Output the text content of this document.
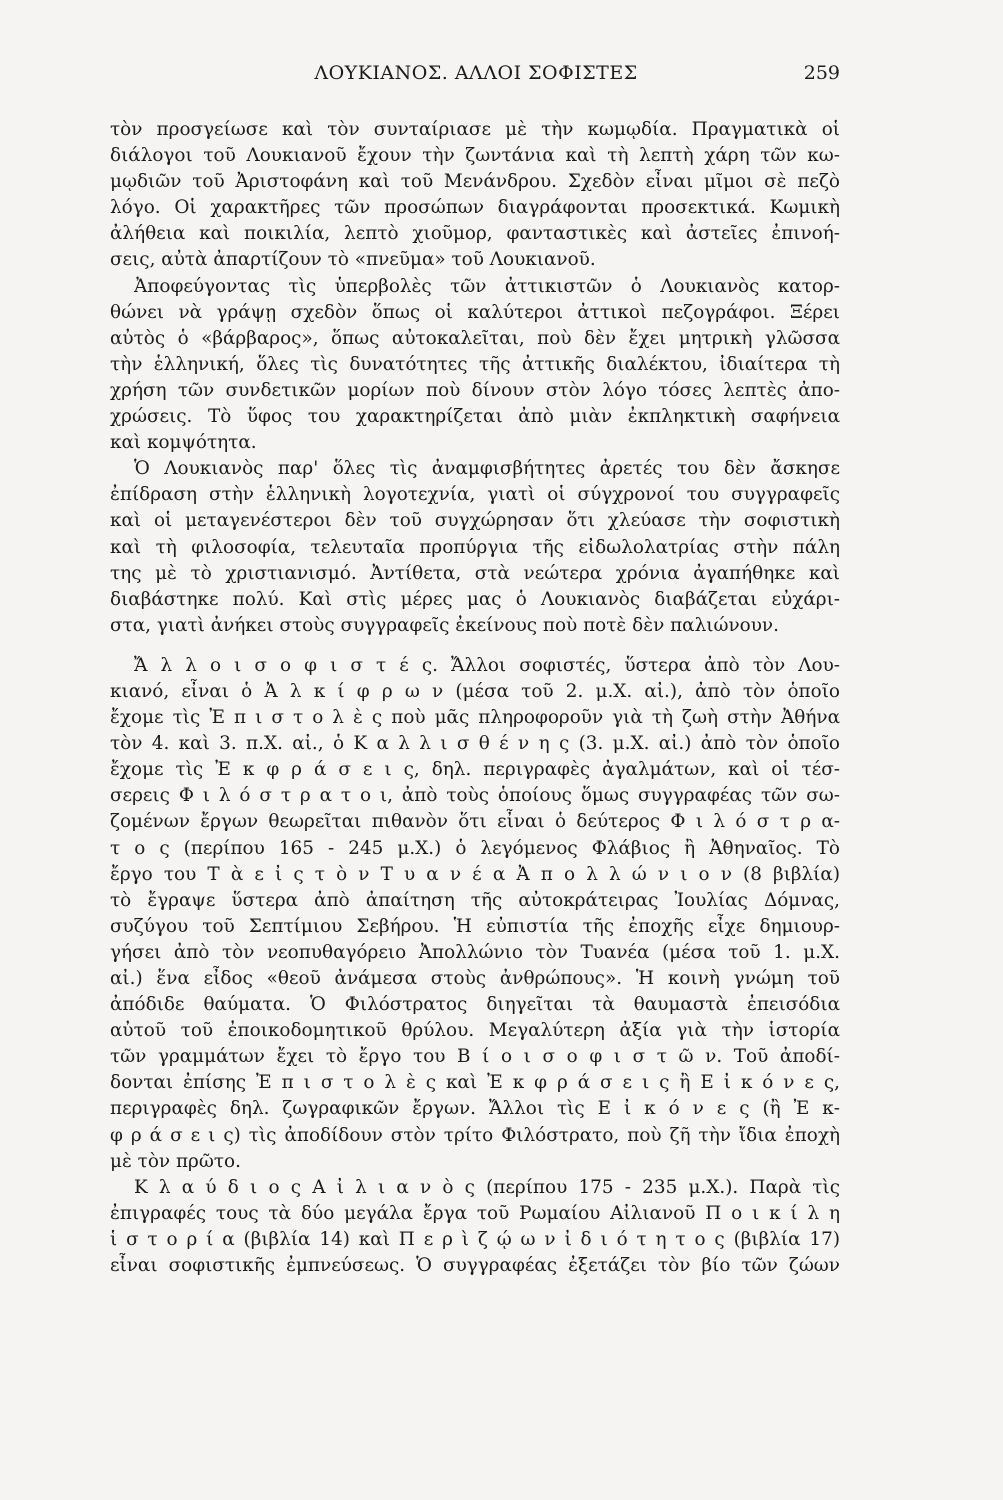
ΛΟΥΚΙΑΝΟΣ. ΑΛΛΟΙ ΣΟΦΙΣΤΕΣ	259
τὸν προσγείωσε καὶ τὸν συνταίριασε μὲ τὴν κωμῳδία. Πραγματικὰ οἱ
διάλογοι τοῦ Λουκιανοῦ ἔχουν τὴν ζωντάνια καὶ τὴ λεπτὴ χάρη τῶν κω-
μῳδιῶν τοῦ Ἀριστοφάνη καὶ τοῦ Μενάνδρου. Σχεδὸν εἶναι μῖμοι σὲ πεζὸ
λόγο. Οἱ χαρακτῆρες τῶν προσώπων διαγράφονται προσεκτικά. Κωμικὴ
ἀλήθεια καὶ ποικιλία, λεπτὸ χιοῦμορ, φανταστικὲς καὶ ἀστεῖες ἐπινοή-
σεις, αὐτὰ ἀπαρτίζουν τὸ «πνεῦμα» τοῦ Λουκιανοῦ.
Ἀποφεύγοντας τὶς ὑπερβολὲς τῶν ἀττικιστῶν ὁ Λουκιανὸς κατορ-
θώνει νὰ γράψῃ σχεδὸν ὅπως οἱ καλύτεροι ἀττικοὶ πεζογράφοι. Ξέρει
αὐτὸς ὁ «βάρβαρος», ὅπως αὐτοκαλεῖται, ποὺ δὲν ἔχει μητρικὴ γλῶσσα
τὴν ἑλληνική, ὅλες τὶς δυνατότητες τῆς ἀττικῆς διαλέκτου, ἰδιαίτερα τὴ
χρήση τῶν συνδετικῶν μορίων ποὺ δίνουν στὸν λόγο τόσες λεπτὲς ἀπο-
χρώσεις. Τὸ ὕφος του χαρακτηρίζεται ἀπὸ μιὰν ἐκπληκτικὴ σαφήνεια
καὶ κομψότητα.
Ὁ Λουκιανὸς παρ' ὅλες τὶς ἀναμφισβήτητες ἀρετές του δὲν ἄσκησε
ἐπίδραση στὴν ἑλληνικὴ λογοτεχνία, γιατὶ οἱ σύγχρονοί του συγγραφεῖς
καὶ οἱ μεταγενέστεροι δὲν τοῦ συγχώρησαν ὅτι χλεύασε τὴν σοφιστικὴ
καὶ τὴ φιλοσοφία, τελευταῖα προπύργια τῆς εἰδωλολατρίας στὴν πάλη
της μὲ τὸ χριστιανισμό. Ἀντίθετα, στὰ νεώτερα χρόνια ἀγαπήθηκε καὶ
διαβάστηκε πολύ. Καὶ στὶς μέρες μας ὁ Λουκιανὸς διαβάζεται εὐχάρι-
στα, γιατὶ ἀνήκει στοὺς συγγραφεῖς ἐκείνους ποὺ ποτὲ δὲν παλιώνουν.
Ἄ λ λ ο ι σ ο φ ι σ τ έ ς. Ἄλλοι σοφιστές, ὕστερα ἀπὸ τὸν Λου-
κιανό, εἶναι ὁ Ἀ λ κ ί φ ρ ω ν (μέσα τοῦ 2. μ.Χ. αἰ.), ἀπὸ τὸν ὁποῖο
ἔχομε τὶς Ἐ π ι σ τ ο λ ὲ ς ποὺ μᾶς πληροφοροῦν γιὰ τὴ ζωὴ στὴν Ἀθήνα
τὸν 4. καὶ 3. π.Χ. αἰ., ὁ Κ α λ λ ι σ θ έ ν η ς (3. μ.Χ. αἰ.) ἀπὸ τὸν ὁποῖο
ἔχομε τὶς Ἐ κ φ ρ ά σ ε ι ς, δηλ. περιγραφὲς ἀγαλμάτων, καὶ οἱ τέσ-
σερεις Φ ι λ ό σ τ ρ α τ ο ι, ἀπὸ τοὺς ὁποίους ὅμως συγγραφέας τῶν σω-
ζομένων ἔργων θεωρεῖται πιθανὸν ὅτι εἶναι ὁ δεύτερος Φ ι λ ό σ τ ρ α-
τ ο ς (περίπου 165 - 245 μ.Χ.) ὁ λεγόμενος Φλάβιος ἢ Ἀθηναῖος. Τὸ
ἔργο του Τ ὰ ε ἰ ς τ ὸ ν Τ υ α ν έ α Ἀ π ο λ λ ώ ν ι ο ν (8 βιβλία)
τὸ ἔγραψε ὕστερα ἀπὸ ἀπαίτηση τῆς αὐτοκράτειρας Ἰουλίας Δόμνας,
συζύγου τοῦ Σεπτίμιου Σεβήρου. Ἡ εὐπιστία τῆς ἐποχῆς εἶχε δημιουρ-
γήσει ἀπὸ τὸν νεοπυθαγόρειο Ἀπολλώνιο τὸν Τυανέα (μέσα τοῦ 1. μ.Χ.
αἰ.) ἕνα εἶδος «θεοῦ ἀνάμεσα στοὺς ἀνθρώπους». Ἡ κοινὴ γνώμη τοῦ
ἀπόδιδε θαύματα. Ὁ Φιλόστρατος διηγεῖται τὰ θαυμαστὰ ἐπεισόδια
αὐτοῦ τοῦ ἐποικοδομητικοῦ θρύλου. Μεγαλύτερη ἀξία γιὰ τὴν ἱστορία
τῶν γραμμάτων ἔχει τὸ ἔργο του Β ί ο ι σ ο φ ι σ τ ῶ ν. Τοῦ ἀποδί-
δονται ἐπίσης Ἐ π ι σ τ ο λ ὲ ς καὶ Ἐ κ φ ρ ά σ ε ι ς ἢ Ε ἰ κ ό ν ε ς,
περιγραφὲς δηλ. ζωγραφικῶν ἔργων. Ἄλλοι τὶς Ε ἰ κ ό ν ε ς (ἢ Ἐ κ-
φ ρ ά σ ε ι ς) τὶς ἀποδίδουν στὸν τρίτο Φιλόστρατο, ποὺ ζῆ τὴν ἴδια ἐποχὴ
μὲ τὸν πρῶτο.
Κ λ α ύ δ ι ο ς Α ἰ λ ι α ν ὸ ς (περίπου 175 - 235 μ.Χ.). Παρὰ τὶς
ἐπιγραφές τους τὰ δύο μεγάλα ἔργα τοῦ Ρωμαίου Αἰλιανοῦ Π ο ι κ ί λ η
ἱ σ τ ο ρ ί α (βιβλία 14) καὶ Π ε ρ ὶ ζ ῴ ω ν ἰ δ ι ό τ η τ ο ς (βιβλία 17)
εἶναι σοφιστικῆς ἐμπνεύσεως. Ὁ συγγραφέας ἐξετάζει τὸν βίο τῶν ζώων
